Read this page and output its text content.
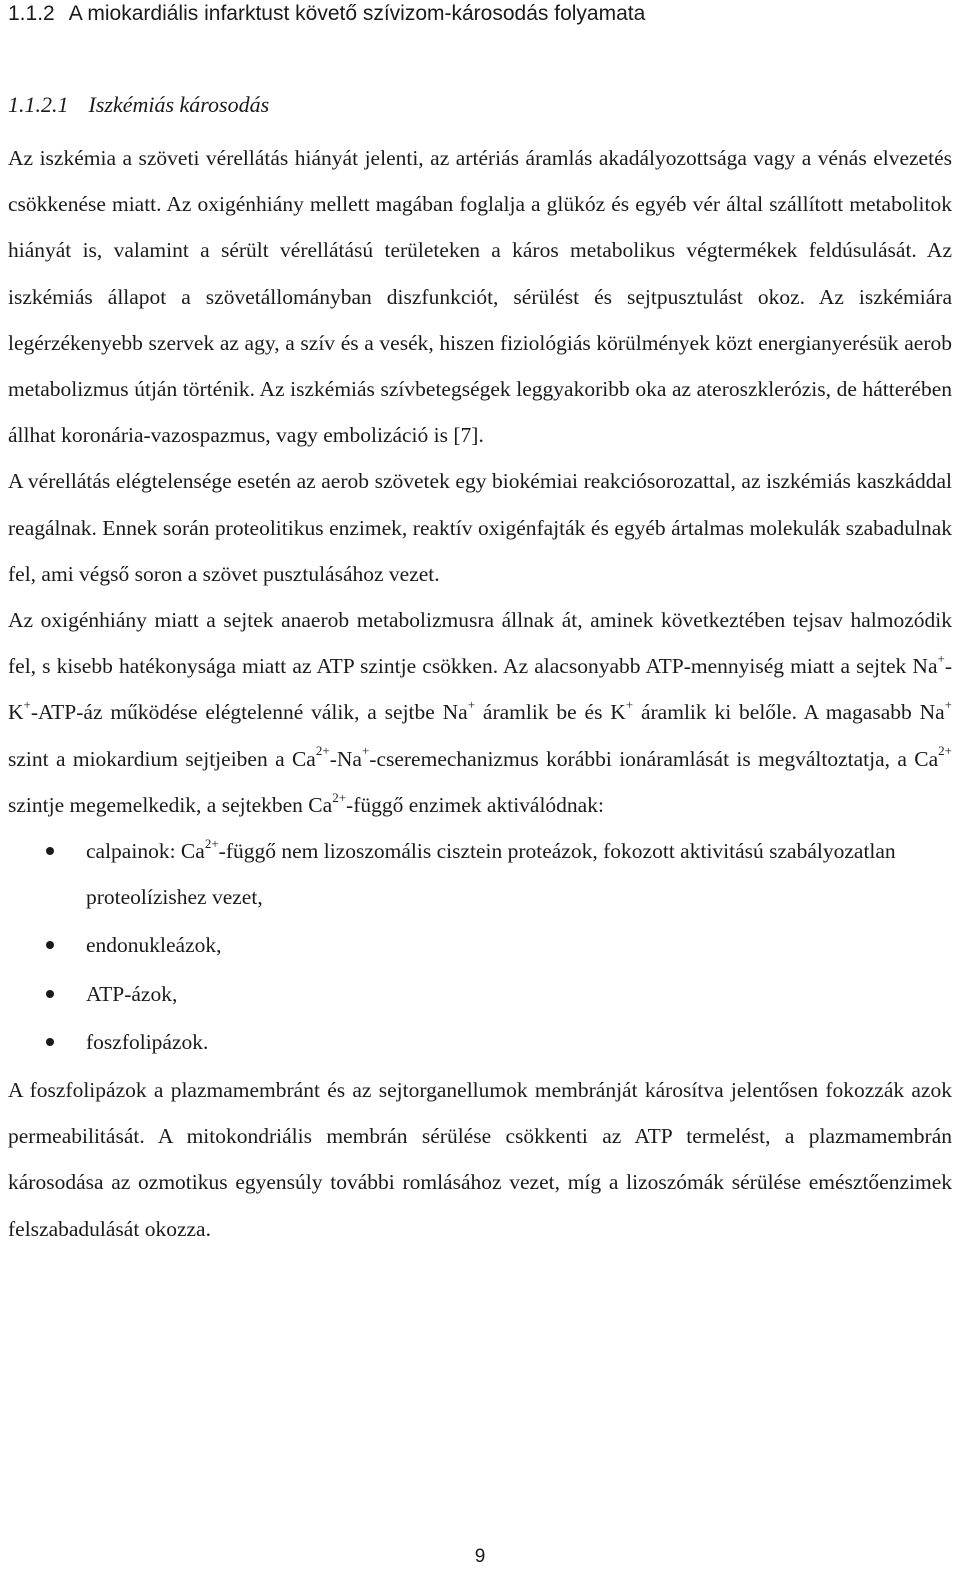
1.1.2 A miokardiális infarktust követő szívizom-károsodás folyamata
1.1.2.1 Iszkémiás károsodás

Az iszkémia a szöveti vérellátás hiányát jelenti, az artériás áramlás akadályozottsága vagy a vénás elvezetés csökkenése miatt. Az oxigénhiány mellett magában foglalja a glükóz és egyéb vér által szállított metabolitok hiányát is, valamint a sérült vérellátású területeken a káros metabolikus végtermékek feldúsulását. Az iszkémiás állapot a szövetállományban diszfunkciót, sérülést és sejtpusztulást okoz. Az iszkémiára legérzékenyebb szervek az agy, a szív és a vesék, hiszen fiziológiás körülmények közt energianyerésük aerob metabolizmus útján történik. Az iszkémiás szívbetegségek leggyakoribb oka az ateroszklerózis, de hátterében állhat koronária-vazospazmus, vagy embolizáció is [7].

A vérellátás elégtelensége esetén az aerob szövetek egy biokémiai reakciósorozattal, az iszkémiás kaszkáddal reagálnak. Ennek során proteolitikus enzimek, reaktív oxigénfajták és egyéb ártalmas molekulák szabadulnak fel, ami végső soron a szövet pusztulásához vezet.

Az oxigénhiány miatt a sejtek anaerob metabolizmusra állnak át, aminek következtében tejsav halmozódik fel, s kisebb hatékonysága miatt az ATP szintje csökken. Az alacsonyabb ATP-mennyiség miatt a sejtek Na+-K+-ATP-áz működése elégtelenné válik, a sejtbe Na+ áramlik be és K+ áramlik ki belőle. A magasabb Na+ szint a miokardium sejtjeiben a $Ca^{2+}-Na^+$-cseremechanizmus korábbi ionáramlását is megváltoztatja, a $Ca^{2+}$ szintje megemelkedik, a sejtekben $Ca^{2+}$-függő enzimek aktiválódnak:

calpainok: $Ca^{2+}$-függő nem lizoszomális cisztein proteázok, fokozott aktivitású szabályozatlan proteolízishez vezet,
endonukleázok,
ATP-ázok,
foszfolipázok.

A foszfolipázok a plazmamembránt és az sejtorganellumok membránját károsítva jelentősen fokozzák azok permeabilitását. A mitokondriális membrán sérülése csökkenti az ATP termelést, a plazmamembrán károsodása az ozmotikus egyensúly további romlásához vezet, míg a lizoszómák sérülése emésztőenzimek felszabadulását okozza.

9
